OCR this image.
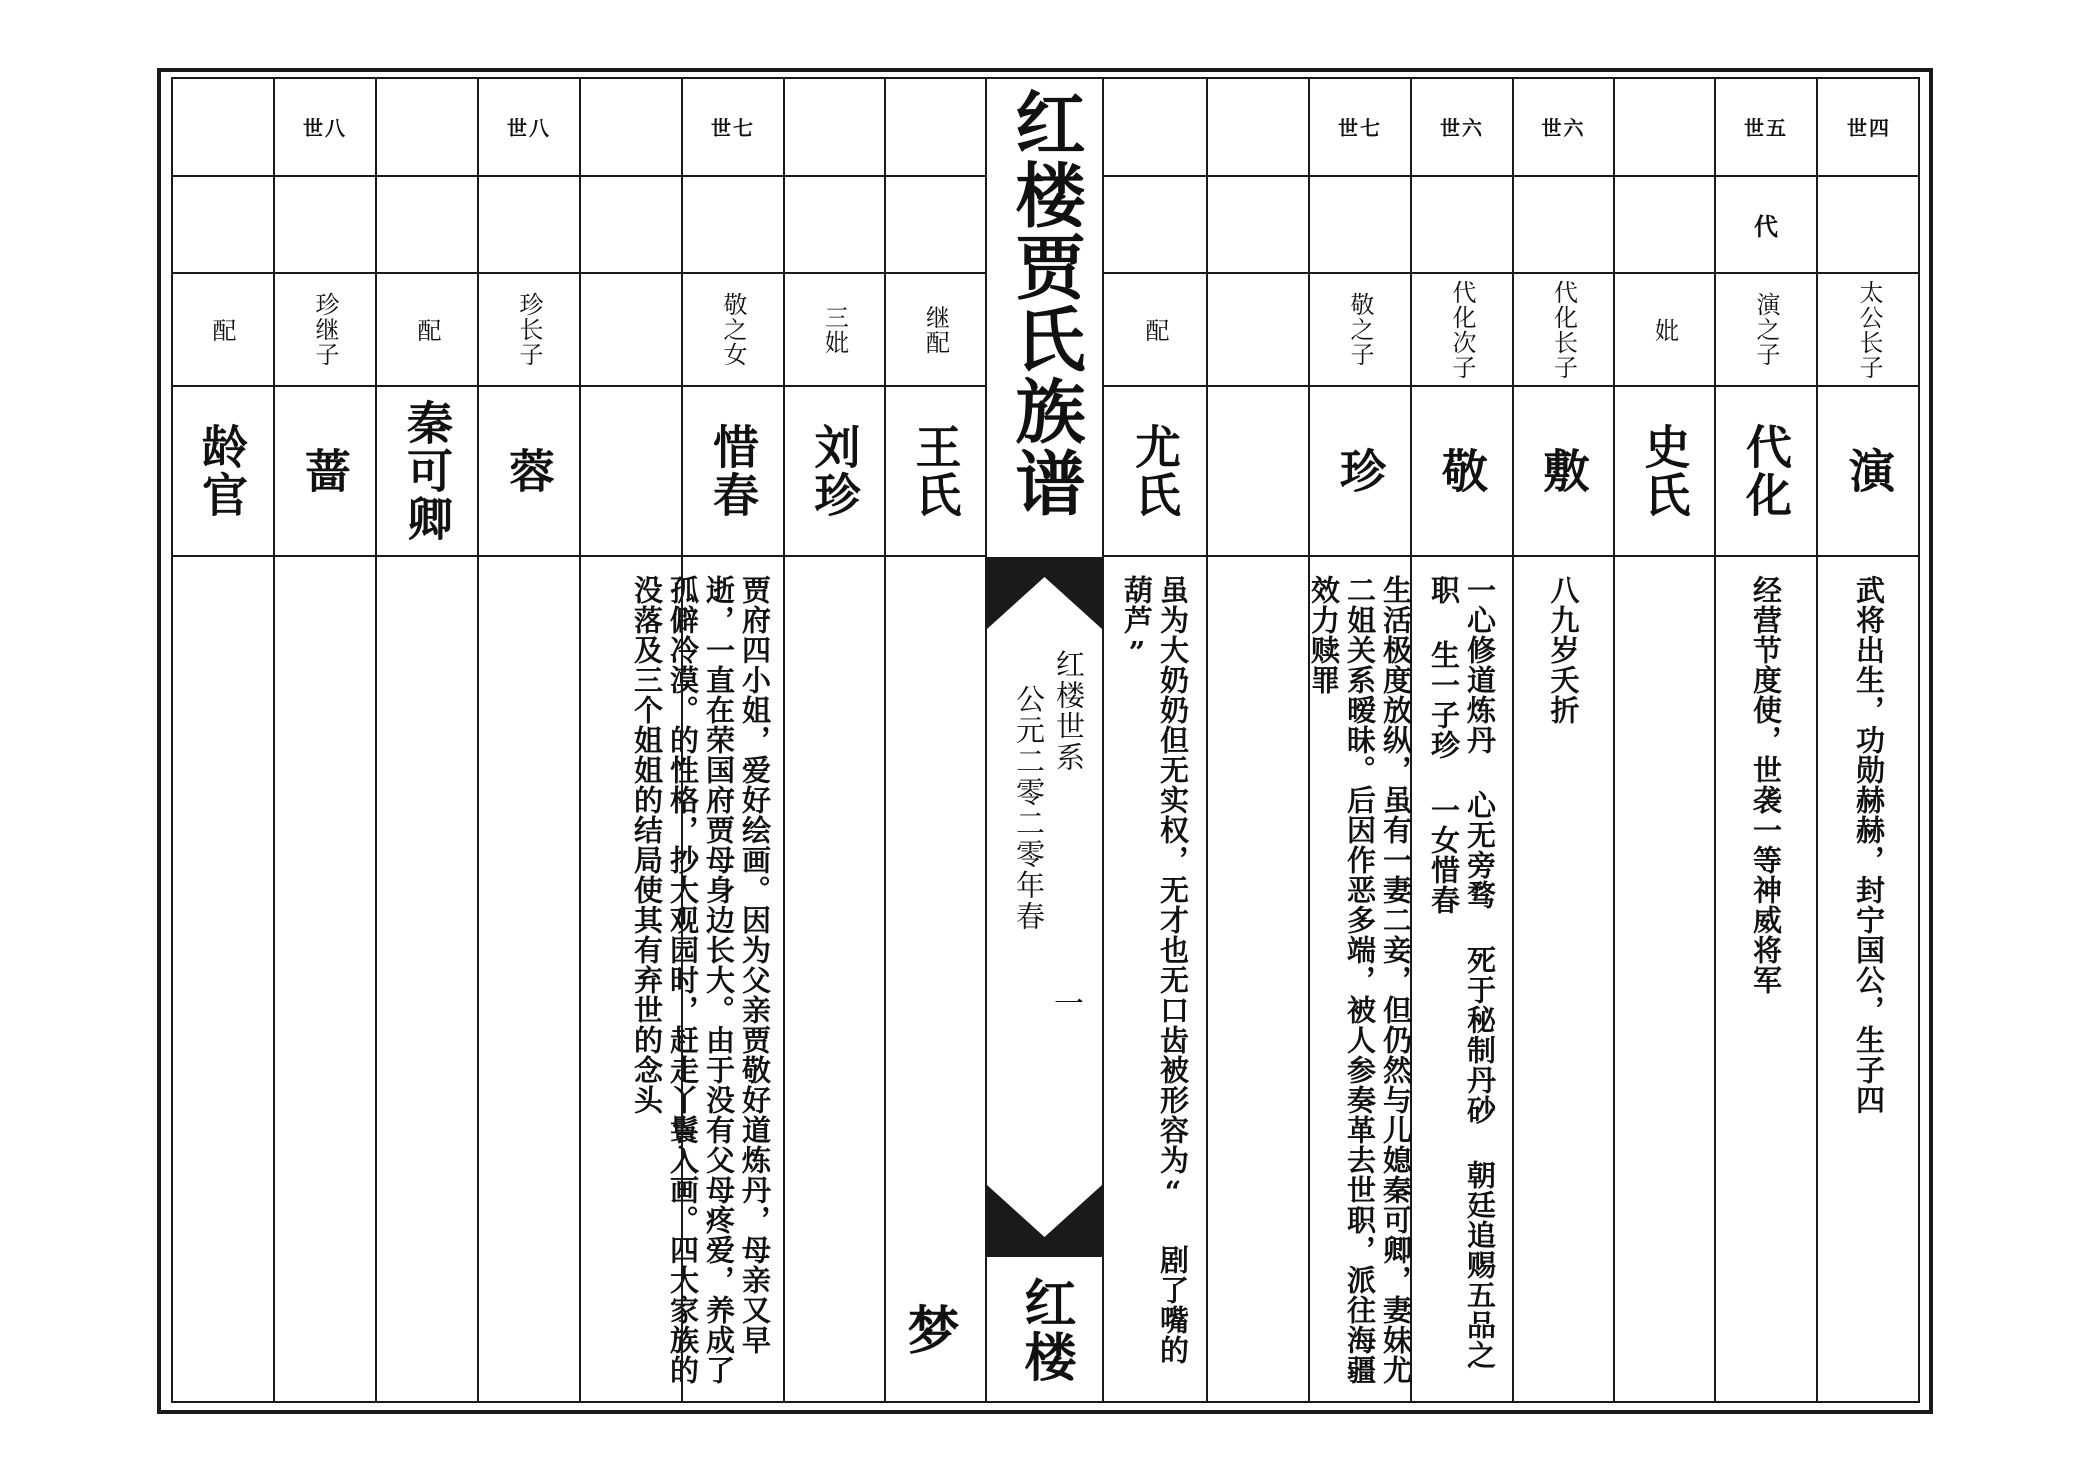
世四
太公长子
演
武将出生，功勋赫赫，封宁国公，生子四
世五
代
演之子
代化
经营节度使，世袭一等神威将军
妣
史氏
世六
代化长子
敷
八九岁夭折
世六
代化次子
敬
一心修道炼丹 心无旁骛 死于秘制丹砂 朝廷追赐五品之职 生一子珍 一女惜春
世七
敬之子
珍
生活极度放纵，虽有一妻二妾，但仍然与儿媳秦可卿，妻妹尤二姐关系暧昧。后因作恶多端，被人参奏革去世职，派往海疆效力赎罪
配
尤氏
虽为大奶奶但无实权，无才也无口齿被形容为“ 剧了嘴的葫芦”
红楼贾氏族谱
红楼世系
公元二零二零年春
一
红楼梦
继配
王氏
三妣
刘珍
世七
敬之女
惜春
贾府四小姐，爱好绘画。因为父亲贾敬好道炼丹，母亲又早逝，一直在荣国府贾母身边长大。由于没有父母疼爱，养成了孤僻冷漠。的性格，抄大观园时，赶走丫鬟入画。四大家族的没落及三个姐姐的结局使其有弃世的念头
世八
珍长子
蓉
配
秦可卿
世八
珍继子
蔷
配
龄官
